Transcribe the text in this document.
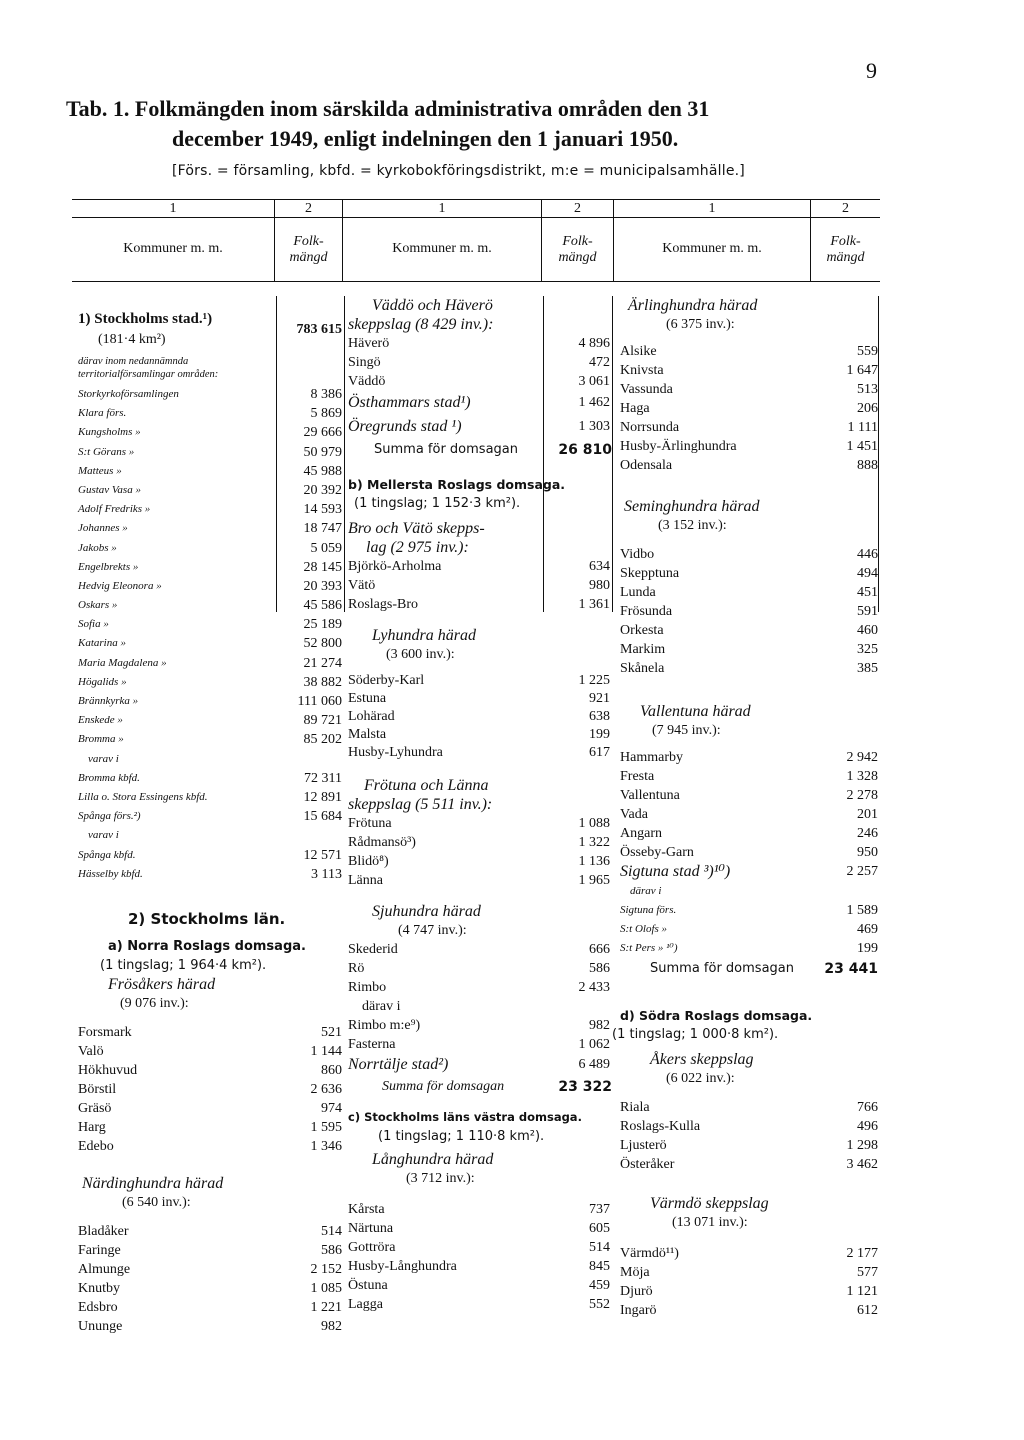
9
Tab. 1. Folkmängden inom särskilda administrativa områden den 31
december 1949, enligt indelningen den 1 januari 1950.
[Förs. = församling, kbfd. = kyrkobokföringsdistrikt, m:e = municipalsamhälle.]
1	2	1	2	1	2
Kommuner m. m.	Folk-
mängd
Kommuner m. m.	Folk-
mängd
Kommuner m. m.	Folk-
mängd
1) Stockholms stad.¹)
783 615
(181·4 km²)
därav inom nedannämnda territorialförsamlingar områden:
Storkyrkoförsamlingen	8 386
Klara förs.	5 869
Kungsholms »	29 666
S:t Görans »	50 979
Matteus »	45 988
Gustav Vasa »	20 392
Adolf Fredriks »	14 593
Johannes »	18 747
Jakobs »	5 059
Engelbrekts »	28 145
Hedvig Eleonora »	20 393
Oskars »	45 586
Sofia »	25 189
Katarina »	52 800
Maria Magdalena »	21 274
Högalids »	38 882
Brännkyrka »	111 060
Enskede »	89 721
Bromma »	85 202
varav i
Bromma kbfd.	72 311
Lilla o. Stora Essingens kbfd.	12 891
Spånga förs.²)	15 684
varav i
Spånga kbfd.	12 571
Hässelby kbfd.	3 113
2) Stockholms län.
a) Norra Roslags domsaga.
(1 tingslag; 1 964·4 km²).
Frösåkers härad
(9 076 inv.):
Forsmark	521
Valö	1 144
Hökhuvud	860
Börstil	2 636
Gräsö	974
Harg	1 595
Edebo	1 346
Närdinghundra härad
(6 540 inv.):
Bladåker	514
Faringe	586
Almunge	2 152
Knutby	1 085
Edsbro	1 221
Ununge	982
Väddö och Häverö
skeppslag (8 429 inv.):
Häverö	4 896
Singö	472
Väddö	3 061
Östhammars stad¹)	1 462
Öregrunds stad ¹)	1 303
Summa för domsagan	26 810
b) Mellersta Roslags domsaga.
(1 tingslag; 1 152·3 km²).
Bro och Vätö skepps-
lag (2 975 inv.):
Björkö-Arholma	634
Vätö	980
Roslags-Bro	1 361
Lyhundra härad
(3 600 inv.):
Söderby-Karl	1 225
Estuna	921
Lohärad	638
Malsta	199
Husby-Lyhundra	617
Frötuna och Länna
skeppslag (5 511 inv.):
Frötuna	1 088
Rådmansö³)	1 322
Blidö⁸)	1 136
Länna	1 965
Sjuhundra härad
(4 747 inv.):
Skederid	666
Rö	586
Rimbo	2 433
därav i
Rimbo m:e⁹)	982
Fasterna	1 062
Norrtälje stad²)	6 489
Summa för domsagan	23 322
c) Stockholms läns västra domsaga.
(1 tingslag; 1 110·8 km²).
Långhundra härad
(3 712 inv.):
Kårsta	737
Närtuna	605
Gottröra	514
Husby-Långhundra	845
Östuna	459
Lagga	552
Ärlinghundra härad
(6 375 inv.):
Alsike	559
Knivsta	1 647
Vassunda	513
Haga	206
Norrsunda	1 111
Husby-Ärlinghundra	1 451
Odensala	888
Seminghundra härad
(3 152 inv.):
Vidbo	446
Skepptuna	494
Lunda	451
Frösunda	591
Orkesta	460
Markim	325
Skånela	385
Vallentuna härad
(7 945 inv.):
Hammarby	2 942
Fresta	1 328
Vallentuna	2 278
Vada	201
Angarn	246
Össeby-Garn	950
Sigtuna stad ³)¹⁰)	2 257
därav i
Sigtuna förs.	1 589
S:t Olofs »	469
S:t Pers » ¹⁰)	199
Summa för domsagan	23 441
d) Södra Roslags domsaga.
(1 tingslag; 1 000·8 km²).
Åkers skeppslag
(6 022 inv.):
Riala	766
Roslags-Kulla	496
Ljusterö	1 298
Österåker	3 462
Värmdö skeppslag
(13 071 inv.):
Värmdö¹¹)	2 177
Möja	577
Djurö	1 121
Ingarö	612
